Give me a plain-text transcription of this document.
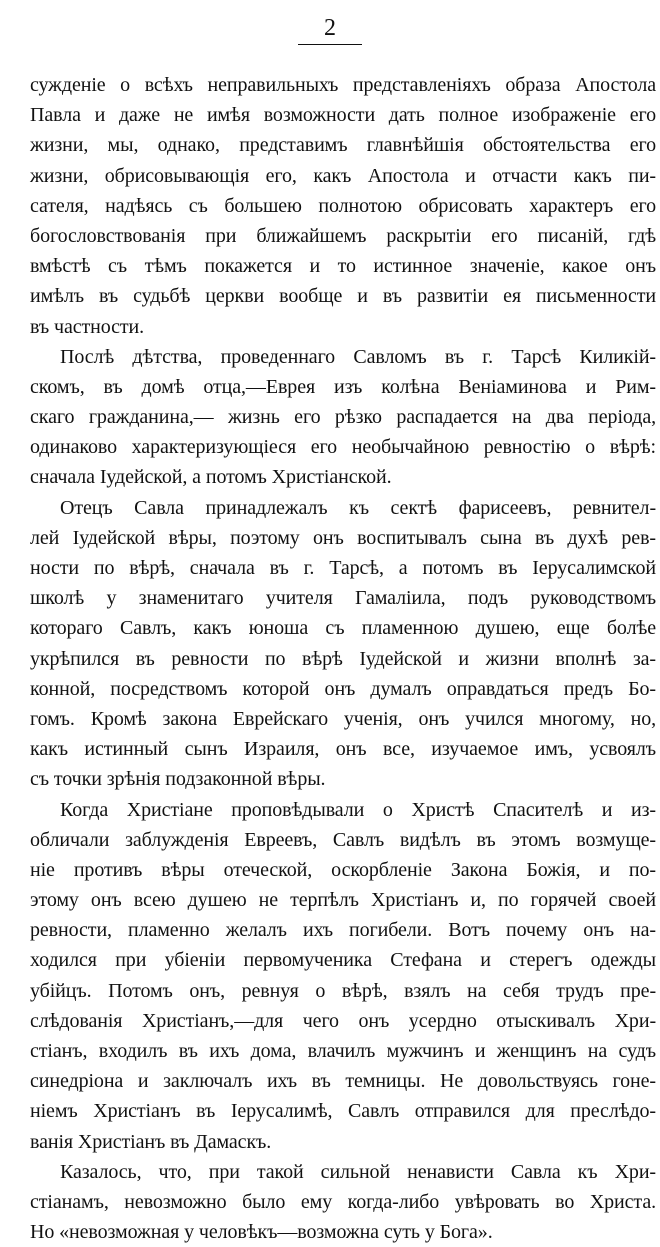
2
сужденіе о всѣхъ неправильныхъ представленіяхъ образа Апостола
Павла и даже не имѣя возможности дать полное изображеніе его
жизни, мы, однако, представимъ главнѣйшія обстоятельства его
жизни, обрисовывающія его, какъ Апостола и отчасти какъ пи-
сателя, надѣясь съ большею полнотою обрисовать характеръ его
богословствованія при ближайшемъ раскрытіи его писаній, гдѣ
вмѣстѣ съ тѣмъ покажется и то истинное значеніе, какое онъ
имѣлъ въ судьбѣ церкви вообще и въ развитіи ея письменности
въ частности.
Послѣ дѣтства, проведеннаго Савломъ въ г. Тарсѣ Киликій-
скомъ, въ домѣ отца,—Еврея изъ колѣна Веніаминова и Рим-
скаго гражданина,— жизнь его рѣзко распадается на два періода,
одинаково характеризующіеся его необычайною ревностію о вѣрѣ:
сначала Іудейской, а потомъ Христіанской.
Отецъ Савла принадлежалъ къ сектѣ фарисеевъ, ревнител-
лей Іудейской вѣры, поэтому онъ воспитывалъ сына въ духѣ рев-
ности по вѣрѣ, сначала въ г. Тарсѣ, а потомъ въ Іерусалимской
школѣ у знаменитаго учителя Гамаліила, подъ руководствомъ
котораго Савлъ, какъ юноша съ пламенною душею, еще болѣе
укрѣпился въ ревности по вѣрѣ Іудейской и жизни вполнѣ за-
конной, посредствомъ которой онъ думалъ оправдаться предъ Бо-
гомъ. Кромѣ закона Еврейскаго ученія, онъ учился многому, но,
какъ истинный сынъ Израиля, онъ все, изучаемое имъ, усвоялъ
съ точки зрѣнія подзаконной вѣры.
Когда Христіане проповѣдывали о Христѣ Спасителѣ и из-
обличали заблужденія Евреевъ, Савлъ видѣлъ въ этомъ возмуще-
ніе противъ вѣры отеческой, оскорбленіе Закона Божія, и по-
этому онъ всею душею не терпѣлъ Христіанъ и, по горячей своей
ревности, пламенно желалъ ихъ погибели. Вотъ почему онъ на-
ходился при убіеніи первомученика Стефана и стерегъ одежды
убійцъ. Потомъ онъ, ревнуя о вѣрѣ, взялъ на себя трудъ пре-
слѣдованія Христіанъ,—для чего онъ усердно отыскивалъ Хри-
стіанъ, входилъ въ ихъ дома, влачилъ мужчинъ и женщинъ на судъ
синедріона и заключалъ ихъ въ темницы. Не довольствуясь гоне-
ніемъ Христіанъ въ Іерусалимѣ, Савлъ отправился для преслѣдо-
ванія Христіанъ въ Дамаскъ.
Казалось, что, при такой сильной ненависти Савла къ Хри-
стіанамъ, невозможно было ему когда-либо увѣровать во Христа.
Но «невозможная у человѣкъ—возможна суть у Бога».
